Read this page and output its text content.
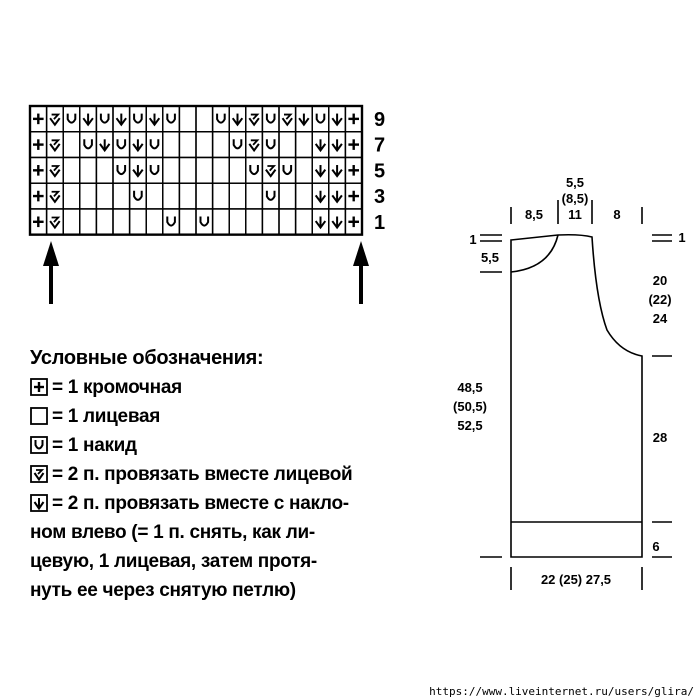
9
7
5
3
1
5,5
(8,5)
11
8,5	8
1	1
5,5
20
(22)
24
48,5
(50,5)
52,5
28
6
22 (25) 27,5
Условные обозначения:
= 1 кромочная
= 1 лицевая
= 1 накид
= 2 п. провязать вместе лицевой
= 2 п. провязать вместе с накло-
ном влево (= 1 п. снять, как ли-
цевую, 1 лицевая, затем протя-
нуть ее через снятую петлю)
https://www.liveinternet.ru/users/glira/
